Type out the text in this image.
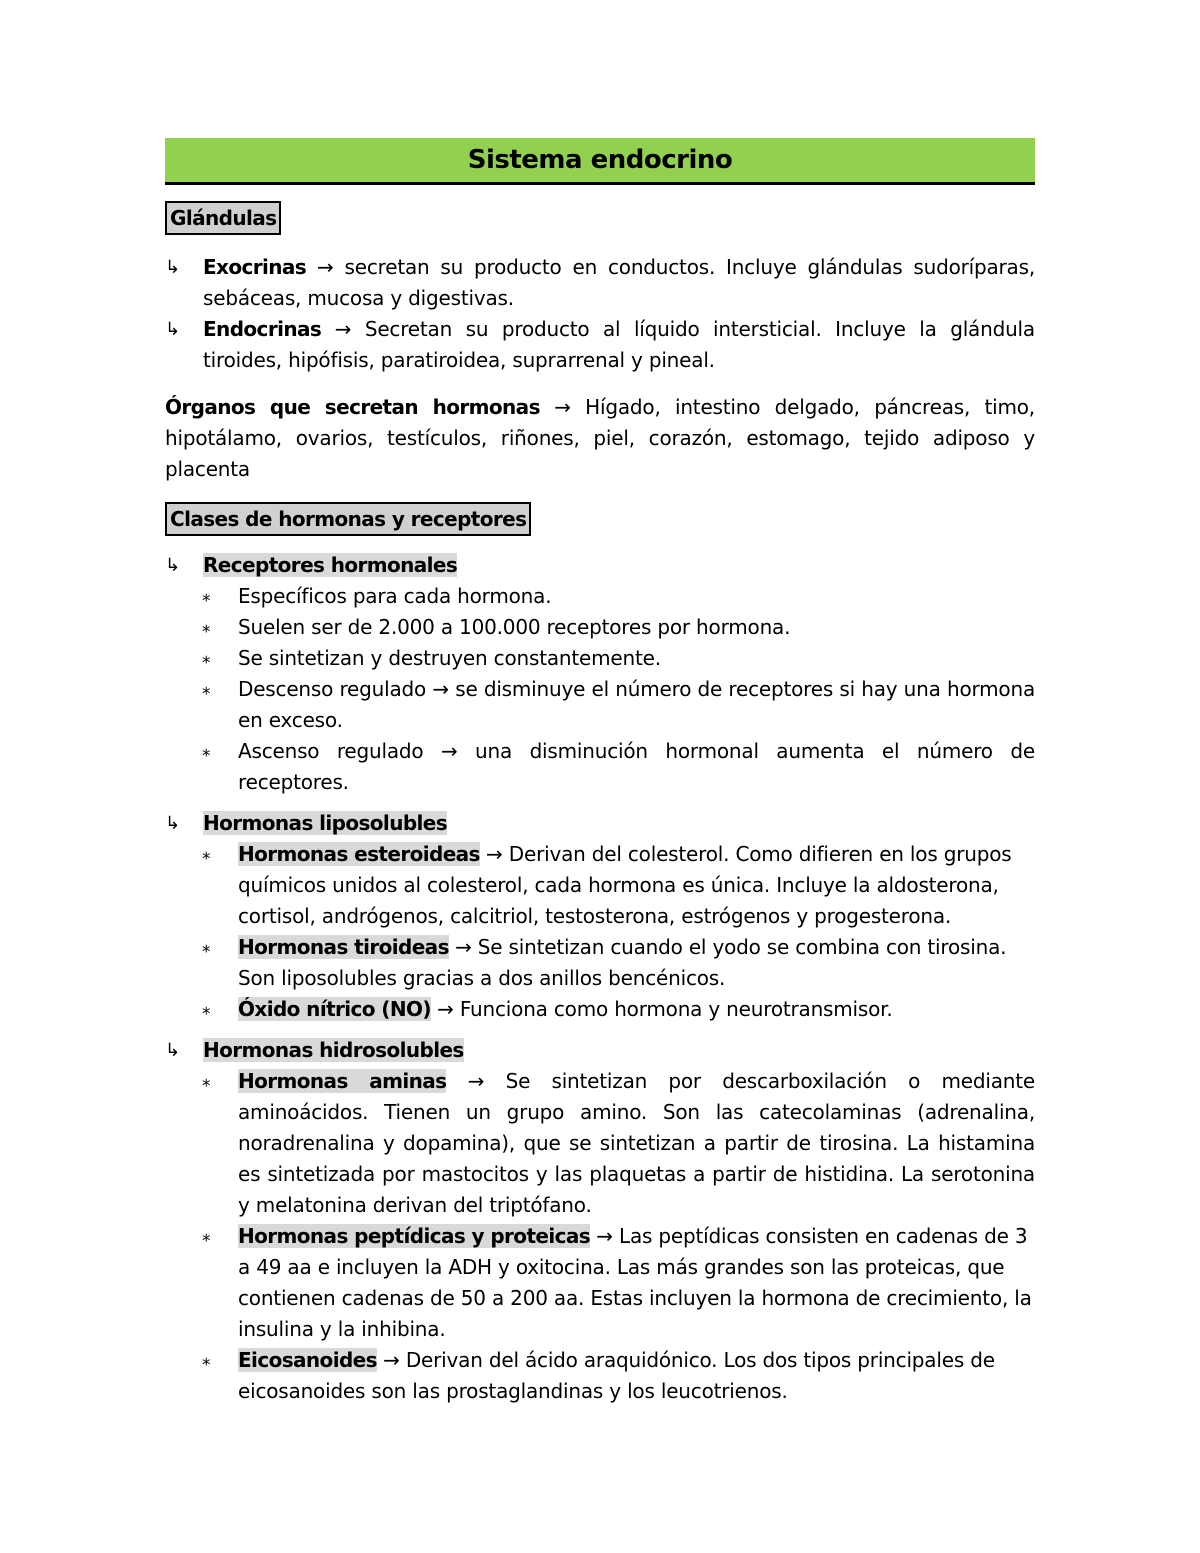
Sistema endocrino
Glándulas
↳ Exocrinas → secretan su producto en conductos. Incluye glándulas sudoríparas, sebáceas, mucosa y digestivas.
↳ Endocrinas → Secretan su producto al líquido intersticial. Incluye la glándula tiroides, hipófisis, paratiroidea, suprarrenal y pineal.
Órganos que secretan hormonas → Hígado, intestino delgado, páncreas, timo, hipotálamo, ovarios, testículos, riñones, piel, corazón, estomago, tejido adiposo y placenta
Clases de hormonas y receptores
↳ Receptores hormonales
⁎ Específicos para cada hormona.
⁎ Suelen ser de 2.000 a 100.000 receptores por hormona.
⁎ Se sintetizan y destruyen constantemente.
⁎ Descenso regulado → se disminuye el número de receptores si hay una hormona en exceso.
⁎ Ascenso regulado → una disminución hormonal aumenta el número de receptores.
↳ Hormonas liposolubles
⁎ Hormonas esteroideas → Derivan del colesterol. Como difieren en los grupos químicos unidos al colesterol, cada hormona es única. Incluye la aldosterona, cortisol, andrógenos, calcitriol, testosterona, estrógenos y progesterona.
⁎ Hormonas tiroideas → Se sintetizan cuando el yodo se combina con tirosina. Son liposolubles gracias a dos anillos bencénicos.
⁎ Óxido nítrico (NO) → Funciona como hormona y neurotransmisor.
↳ Hormonas hidrosolubles
⁎ Hormonas aminas → Se sintetizan por descarboxilación o mediante aminoácidos. Tienen un grupo amino. Son las catecolaminas (adrenalina, noradrenalina y dopamina), que se sintetizan a partir de tirosina. La histamina es sintetizada por mastocitos y las plaquetas a partir de histidina. La serotonina y melatonina derivan del triptófano.
⁎ Hormonas peptídicas y proteicas → Las peptídicas consisten en cadenas de 3 a 49 aa e incluyen la ADH y oxitocina. Las más grandes son las proteicas, que contienen cadenas de 50 a 200 aa. Estas incluyen la hormona de crecimiento, la insulina y la inhibina.
⁎ Eicosanoides → Derivan del ácido araquidónico. Los dos tipos principales de eicosanoides son las prostaglandinas y los leucotrienos.
